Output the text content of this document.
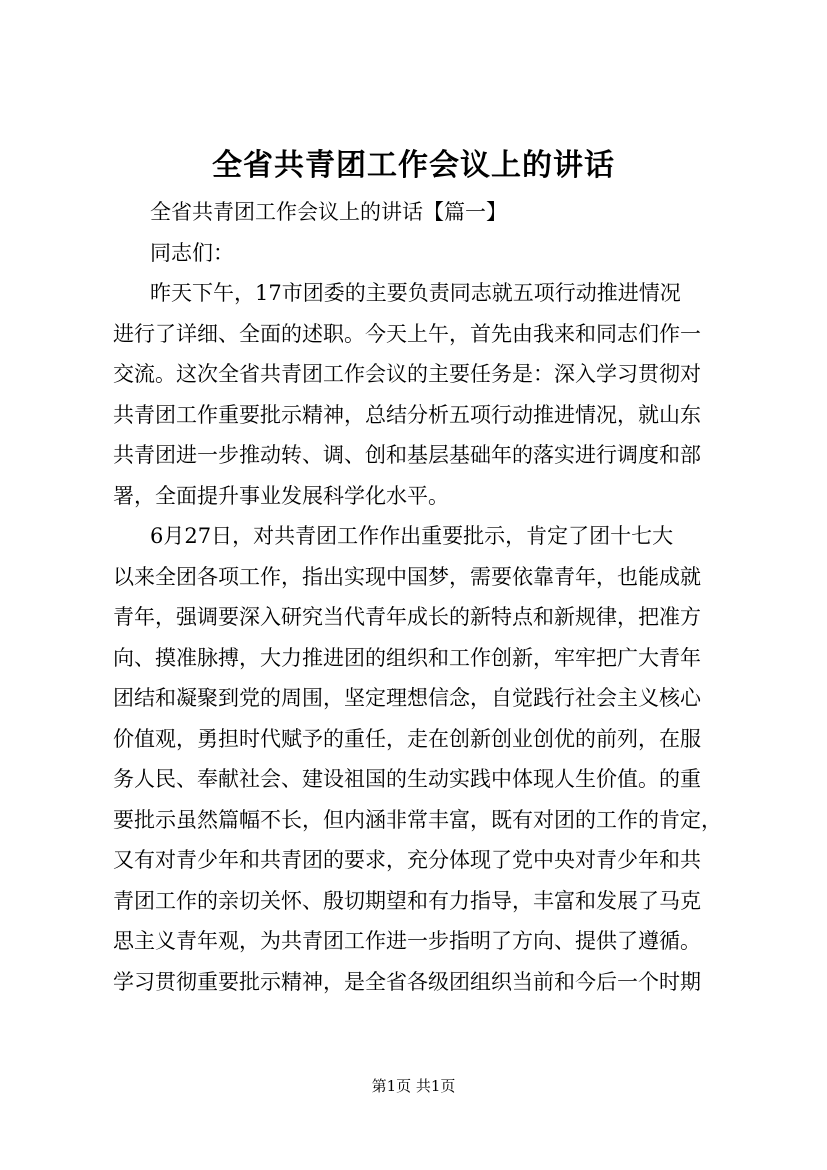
全省共青团工作会议上的讲话

全省共青团工作会议上的讲话【篇一】

同志们：

昨天下午，17市团委的主要负责同志就五项行动推进情况

进行了详细、全面的述职。今天上午，首先由我来和同志们作一

交流。这次全省共青团工作会议的主要任务是：深入学习贯彻对

共青团工作重要批示精神，总结分析五项行动推进情况，就山东

共青团进一步推动转、调、创和基层基础年的落实进行调度和部

署，全面提升事业发展科学化水平。

6月27日，对共青团工作作出重要批示，肯定了团十七大

以来全团各项工作，指出实现中国梦，需要依靠青年，也能成就

青年，强调要深入研究当代青年成长的新特点和新规律，把准方

向、摸准脉搏，大力推进团的组织和工作创新，牢牢把广大青年

团结和凝聚到党的周围，坚定理想信念，自觉践行社会主义核心

价值观，勇担时代赋予的重任，走在创新创业创优的前列，在服

务人民、奉献社会、建设祖国的生动实践中体现人生价值。的重

要批示虽然篇幅不长，但内涵非常丰富，既有对团的工作的肯定，

又有对青少年和共青团的要求，充分体现了党中央对青少年和共

青团工作的亲切关怀、殷切期望和有力指导，丰富和发展了马克

思主义青年观，为共青团工作进一步指明了方向、提供了遵循。

学习贯彻重要批示精神，是全省各级团组织当前和今后一个时期

第1页 共1页
